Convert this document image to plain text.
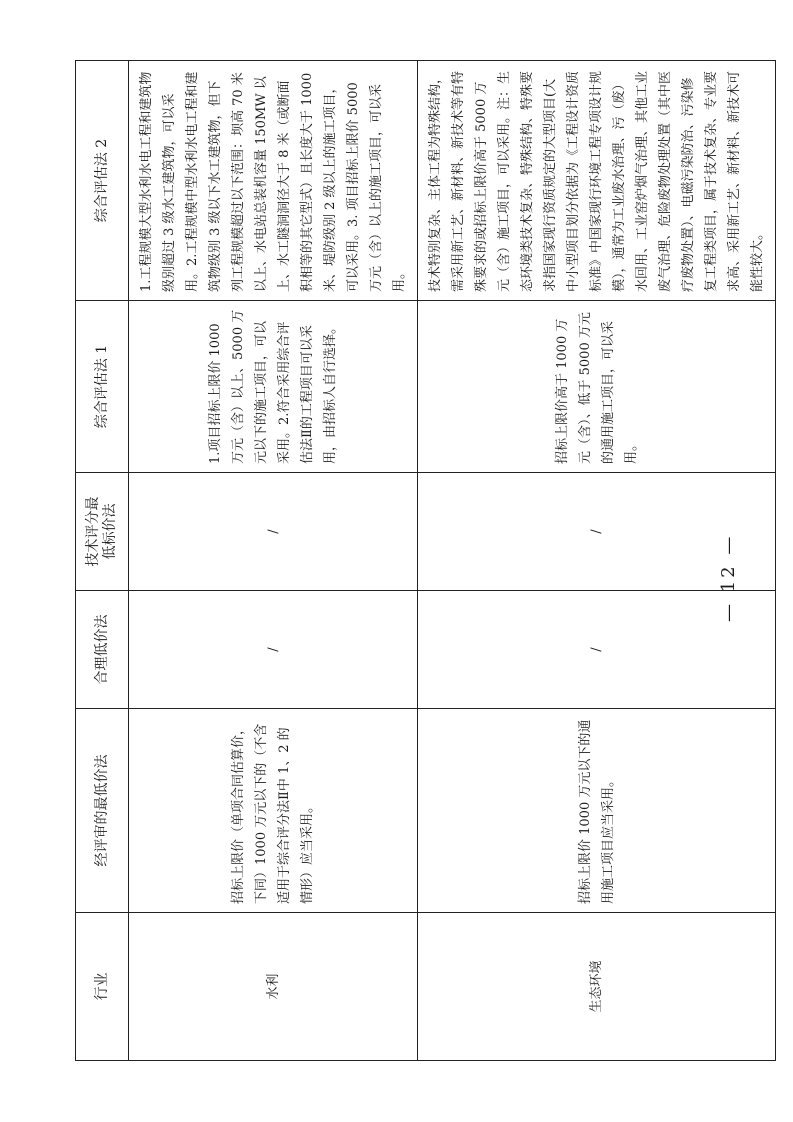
行业	经评审的最低价法	合理低价法	技术评分最低标价法	综合评估法 1	综合评估法 2
水利	招标上限价（单项合同估算价，下同）1000 万元以下的（不含适用于综合评分法Ⅱ中 1、2 的情形）应当采用。	/	/	1.项目招标上限价 1000 万元（含）以上、5000 万元以下的施工项目，可以采用。2.符合采用综合评估法Ⅱ的工程项目可以采用，由招标人自行选择。	1.工程规模大型水利水电工程和建筑物级别超过 3 级水工建筑物，可以采用。2.工程规模中型水利水电工程和建筑物级别 3 级以下水工建筑物，但下列工程规模超过以下范围：坝高 70 米以上、水电站总装机容量 150MW 以上、水工隧洞洞径大于 8 米（或断面积相等的其它型式）且长度大于 1000 米、堤防级别 2 级以上的施工项目，可以采用。3. 项目招标上限价 5000 万元（含）以上的施工项目，可以采用。
生态环境	招标上限价 1000 万元以下的通用施工项目应当采用。	/	/	招标上限价高于 1000 万元（含）、低于 5000 万元的通用施工项目，可以采用。	技术特别复杂、主体工程为特殊结构，需采用新工艺、新材料、新技术等有特殊要求的或招标上限价高于 5000 万元（含）施工项目，可以采用。注：生态环境类技术复杂、特殊结构、特殊要求指国家现行资质规定的大型项目(大中小型项目划分依据为《工程设计资质标准》中国家现行环境工程专项设计规模），通常为工业废水治理、污（废）水回用、工业窑炉烟气治理、其他工业废气治理、危险废物处理处置（其中医疗废物处置）、电磁污染防治、污染修复工程类项目，属于技术复杂、专业要求高、采用新工艺、新材料、新技术可能性较大。
— 12 —
